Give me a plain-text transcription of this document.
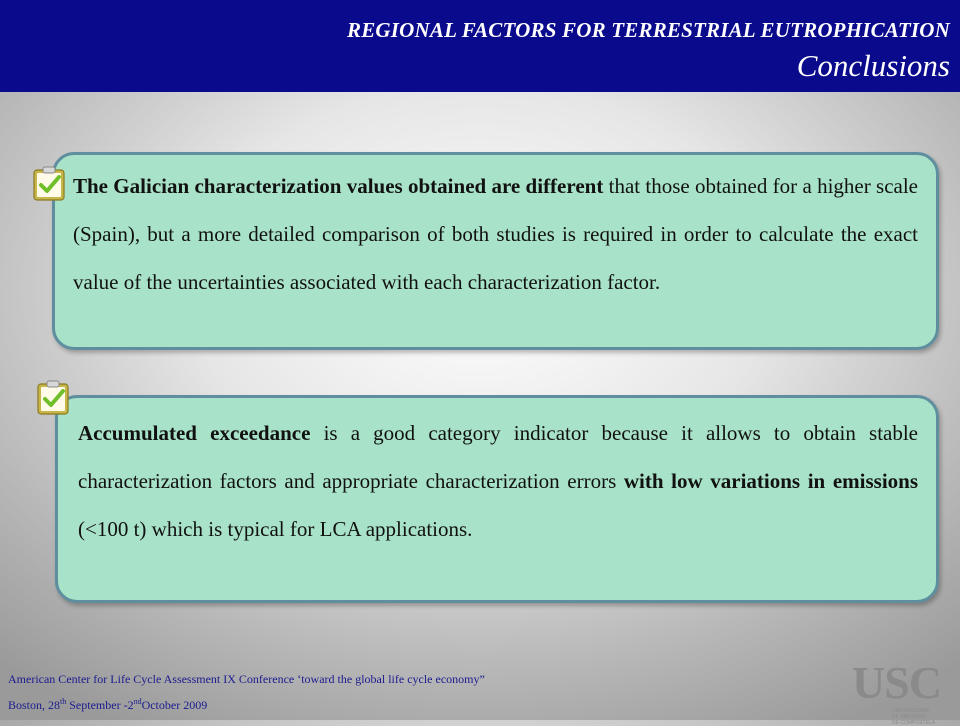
REGIONAL FACTORS FOR TERRESTRIAL EUTROPHICATION
Conclusions
The Galician characterization values obtained are different that those obtained for a higher scale (Spain), but a more detailed comparison of both studies is required in order to calculate the exact value of the uncertainties associated with each characterization factor.
Accumulated exceedance is a good category indicator because it allows to obtain stable characterization factors and appropriate characterization errors with low variations in emissions (<100 t) which is typical for LCA applications.
American Center for Life Cycle Assessment IX Conference ‘toward the global life cycle economy”
Boston, 28th September -2ndOctober 2009	USC
UNIVERSIDADE
DE SANTIAGO
DE COMPOSTELA
